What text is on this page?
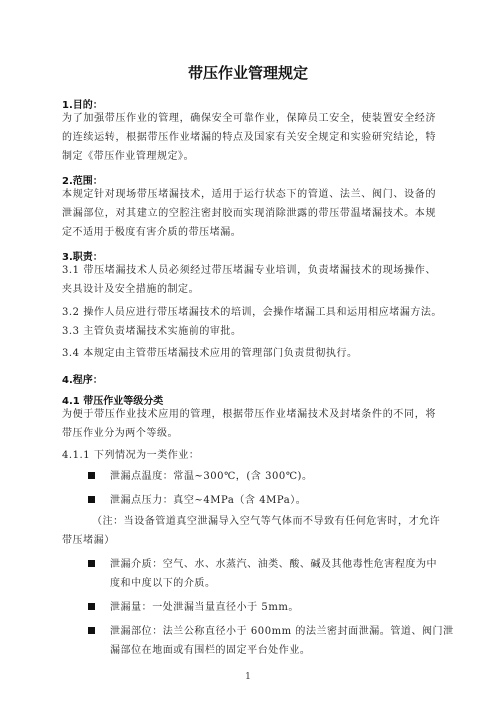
带压作业管理规定
1.目的：
为了加强带压作业的管理，确保安全可靠作业，保障员工安全，使装置安全经济
的连续运转，根据带压作业堵漏的特点及国家有关安全规定和实验研究结论，特
制定《带压作业管理规定》。
2.范围：
本规定针对现场带压堵漏技术，适用于运行状态下的管道、法兰、阀门、设备的
泄漏部位，对其建立的空腔注密封胶而实现消除泄露的带压带温堵漏技术。本规
定不适用于极度有害介质的带压堵漏。
3.职责：
3.1 带压堵漏技术人员必须经过带压堵漏专业培训，负责堵漏技术的现场操作、
夹具设计及安全措施的制定。
3.2 操作人员应进行带压堵漏技术的培训，会操作堵漏工具和运用相应堵漏方法。
3.3 主管负责堵漏技术实施前的审批。
3.4 本规定由主管带压堵漏技术应用的管理部门负责贯彻执行。
4.程序：
4.1 带压作业等级分类
为便于带压作业技术应用的管理，根据带压作业堵漏技术及封堵条件的不同，将
带压作业分为两个等级。
4.1.1 下列情况为一类作业：
泄漏点温度：常温~300℃，(含 300℃)。
泄漏点压力：真空~4MPa（含 4MPa）。
（注：当设备管道真空泄漏导入空气等气体而不导致有任何危害时，才允许
带压堵漏）
泄漏介质：空气、水、水蒸汽、油类、酸、碱及其他毒性危害程度为中
度和中度以下的介质。
泄漏量：一处泄漏当量直径小于 5mm。
泄漏部位：法兰公称直径小于 600mm 的法兰密封面泄漏。管道、阀门泄
漏部位在地面或有围栏的固定平台处作业。
1
